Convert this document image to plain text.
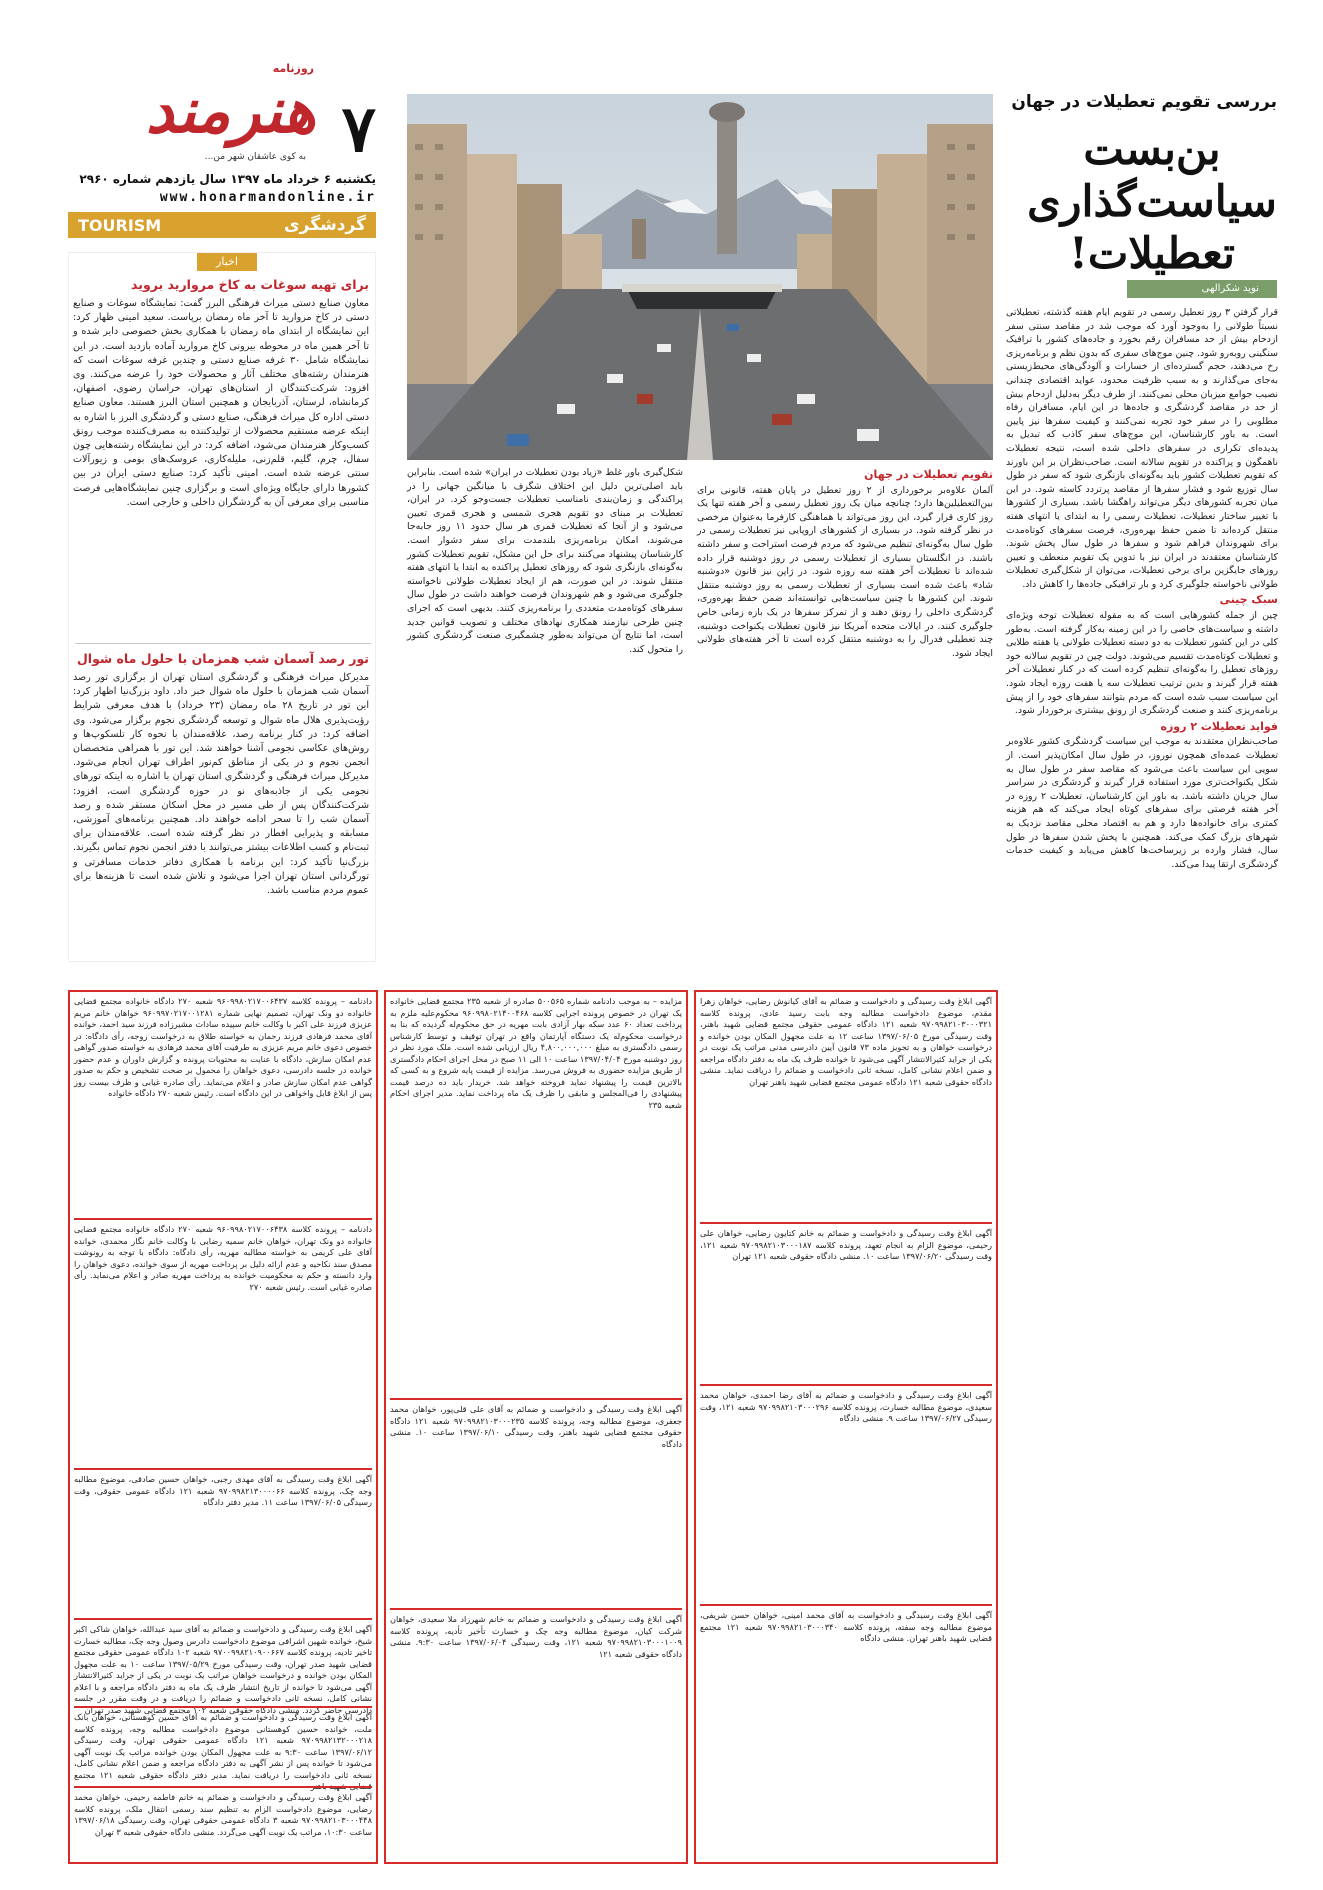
روزنامه
هنرمند
...به کوی عاشقان شهر من ۷
یکشنبه ۶ خرداد ماه ۱۳۹۷ سال یازدهم شماره ۲۹۶۰
www.honarmandonline.ir
TOURISM	گردشگری
اخبار
برای تهیه سوغات به کاخ مروارید بروید
معاون صنایع دستی میراث فرهنگی البرز گفت: نمایشگاه سوغات و صنایع دستی در کاخ مروارید تا آخر ماه رمضان برپاست. سعید امینی ظهار کرد: این نمایشگاه از ابتدای ماه رمضان با همکاری بخش خصوصی دایر شده و تا آخر همین ماه در محوطه بیرونی کاخ مروارید آماده بازدید است. در این نمایشگاه شامل ۳۰ غرفه صنایع دستی و چندین غرفه سوغات است که هنرمندان رشته‌های مختلف آثار و محصولات خود را عرضه می‌کنند. وی افزود: شرکت‌کنندگان از استان‌های تهران، خراسان رضوی، اصفهان، کرمانشاه، لرستان، آذربایجان و همچنین استان البرز هستند. معاون صنایع دستی اداره کل میراث فرهنگی، صنایع دستی و گردشگری البرز با اشاره به اینکه عرضه مستقیم محصولات از تولیدکننده به مصرف‌کننده موجب رونق کسب‌وکار هنرمندان می‌شود، اضافه کرد: در این نمایشگاه رشته‌هایی چون سفال، چرم، گلیم، قلم‌زنی، ملیله‌کاری، عروسک‌های بومی و زیورآلات سنتی عرضه شده است. امینی تأکید کرد: صنایع دستی ایران در بین کشورها دارای جایگاه ویژه‌ای است و برگزاری چنین نمایشگاه‌هایی فرصت مناسبی برای معرفی آن به گردشگران داخلی و خارجی است.
تور رصد آسمان شب همزمان با حلول ماه شوال
مدیرکل میراث فرهنگی و گردشگری استان تهران از برگزاری تور رصد آسمان شب همزمان با حلول ماه شوال خبر داد. داود بزرگ‌نیا اظهار کرد: این تور در تاریخ ۲۸ ماه رمضان (۲۳ خرداد) با هدف معرفی شرایط رؤیت‌پذیری هلال ماه شوال و توسعه گردشگری نجوم برگزار می‌شود. وی اضافه کرد: در کنار برنامه رصد، علاقه‌مندان با نحوه کار تلسکوپ‌ها و روش‌های عکاسی نجومی آشنا خواهند شد. این تور با همراهی متخصصان انجمن نجوم و در یکی از مناطق کم‌نور اطراف تهران انجام می‌شود. مدیرکل میراث فرهنگی و گردشگری استان تهران با اشاره به اینکه تورهای نجومی یکی از جاذبه‌های نو در حوزه گردشگری است، افزود: شرکت‌کنندگان پس از طی مسیر در محل اسکان مستقر شده و رصد آسمان شب را تا سحر ادامه خواهند داد. همچنین برنامه‌های آموزشی، مسابقه و پذیرایی افطار در نظر گرفته شده است. علاقه‌مندان برای ثبت‌نام و کسب اطلاعات بیشتر می‌توانند با دفتر انجمن نجوم تماس بگیرند. بزرگ‌نیا تأکید کرد: این برنامه با همکاری دفاتر خدمات مسافرتی و تورگردانی استان تهران اجرا می‌شود و تلاش شده است تا هزینه‌ها برای عموم مردم مناسب باشد.
بررسی تقویم تعطیلات در جهان
بن‌بست سیاست‌گذاری تعطیلات!
نوید شکرالهی
قرار گرفتن ۳ روز تعطیل رسمی در تقویم ایام هفته گذشته، تعطیلاتی نسبتاً طولانی را به‌وجود آورد که موجب شد در مقاصد سنتی سفر ازدحام بیش از حد مسافران رقم بخورد و جاده‌های کشور با ترافیک سنگینی روبه‌رو شود. چنین موج‌های سفری که بدون نظم و برنامه‌ریزی رخ می‌دهند، حجم گسترده‌ای از خسارات و آلودگی‌های محیط‌زیستی به‌جای می‌گذارند و به سبب ظرفیت محدود، عواید اقتصادی چندانی نصیب جوامع میزبان محلی نمی‌کنند. از طرف دیگر به‌دلیل ازدحام بیش از حد در مقاصد گردشگری و جاده‌ها در این ایام، مسافران رفاه مطلوبی را در سفر خود تجربه نمی‌کنند و کیفیت سفرها نیز پایین است. به باور کارشناسان، این موج‌های سفر کاذب که تبدیل به پدیده‌ای تکراری در سفرهای داخلی شده است، نتیجه تعطیلات ناهمگون و پراکنده در تقویم سالانه است. صاحب‌نظران بر این باورند که تقویم تعطیلات کشور باید به‌گونه‌ای بازنگری شود که سفر در طول سال توزیع شود و فشار سفرها از مقاصد پرتردد کاسته شود. در این میان تجربه کشورهای دیگر می‌تواند راهگشا باشد. بسیاری از کشورها با تغییر ساختار تعطیلات، تعطیلات رسمی را به ابتدای یا انتهای هفته منتقل کرده‌اند تا ضمن حفظ بهره‌وری، فرصت سفرهای کوتاه‌مدت برای شهروندان فراهم شود و سفرها در طول سال پخش شوند. کارشناسان معتقدند در ایران نیز با تدوین یک تقویم منعطف و تعیین روزهای جایگزین برای برخی تعطیلات، می‌توان از شکل‌گیری تعطیلات طولانی ناخواسته جلوگیری کرد و بار ترافیکی جاده‌ها را کاهش داد.
سبک چینی
چین از جمله کشورهایی است که به مقوله تعطیلات توجه ویژه‌ای داشته و سیاست‌های خاصی را در این زمینه به‌کار گرفته است. به‌طور کلی در این کشور تعطیلات به دو دسته تعطیلات طولانی یا هفته طلایی و تعطیلات کوتاه‌مدت تقسیم می‌شوند. دولت چین در تقویم سالانه خود روزهای تعطیل را به‌گونه‌ای تنظیم کرده است که در کنار تعطیلات آخر هفته قرار گیرند و بدین ترتیب تعطیلات سه یا هفت روزه ایجاد شود. این سیاست سبب شده است که مردم بتوانند سفرهای خود را از پیش برنامه‌ریزی کنند و صنعت گردشگری از رونق بیشتری برخوردار شود.
فواید تعطیلات ۲ روزه
صاحب‌نظران معتقدند به موجب این سیاست گردشگری کشور علاوه‌بر تعطیلات عمده‌ای همچون نوروز، در طول سال امکان‌پذیر است. از سویی این سیاست باعث می‌شود که مقاصد سفر در طول سال به شکل یکنواخت‌تری مورد استفاده قرار گیرند و گردشگری در سراسر سال جریان داشته باشد. به باور این کارشناسان، تعطیلات ۲ روزه در آخر هفته فرصتی برای سفرهای کوتاه ایجاد می‌کند که هم هزینه کمتری برای خانواده‌ها دارد و هم به اقتصاد محلی مقاصد نزدیک به شهرهای بزرگ کمک می‌کند. همچنین با پخش شدن سفرها در طول سال، فشار وارده بر زیرساخت‌ها کاهش می‌یابد و کیفیت خدمات گردشگری ارتقا پیدا می‌کند.
تقویم تعطیلات در جهان
آلمان علاوه‌بر برخورداری از ۲ روز تعطیل در پایان هفته، قانونی برای بین‌التعطیلین‌ها دارد؛ چنانچه میان یک روز تعطیل رسمی و آخر هفته تنها یک روز کاری قرار گیرد، این روز می‌تواند با هماهنگی کارفرما به‌عنوان مرخصی در نظر گرفته شود. در بسیاری از کشورهای اروپایی نیز تعطیلات رسمی در طول سال به‌گونه‌ای تنظیم می‌شود که مردم فرصت استراحت و سفر داشته باشند. در انگلستان بسیاری از تعطیلات رسمی در روز دوشنبه قرار داده شده‌اند تا تعطیلات آخر هفته سه روزه شود. در ژاپن نیز قانون «دوشنبه شاد» باعث شده است بسیاری از تعطیلات رسمی به روز دوشنبه منتقل شوند. این کشورها با چنین سیاست‌هایی توانسته‌اند ضمن حفظ بهره‌وری، گردشگری داخلی را رونق دهند و از تمرکز سفرها در یک بازه زمانی خاص جلوگیری کنند. در ایالات متحده آمریکا نیز قانون تعطیلات یکنواخت دوشنبه، چند تعطیلی فدرال را به دوشنبه منتقل کرده است تا آخر هفته‌های طولانی ایجاد شود.
شکل‌گیری باور غلط «زیاد بودن تعطیلات در ایران» شده است. بنابراین باید اصلی‌ترین دلیل این اختلاف شگرف با میانگین جهانی را در پراکندگی و زمان‌بندی نامناسب تعطیلات جست‌وجو کرد. در ایران، تعطیلات بر مبنای دو تقویم هجری شمسی و هجری قمری تعیین می‌شود و از آنجا که تعطیلات قمری هر سال حدود ۱۱ روز جابه‌جا می‌شوند، امکان برنامه‌ریزی بلندمدت برای سفر دشوار است. کارشناسان پیشنهاد می‌کنند برای حل این مشکل، تقویم تعطیلات کشور به‌گونه‌ای بازنگری شود که روزهای تعطیل پراکنده به ابتدا یا انتهای هفته منتقل شوند. در این صورت، هم از ایجاد تعطیلات طولانی ناخواسته جلوگیری می‌شود و هم شهروندان فرصت خواهند داشت در طول سال سفرهای کوتاه‌مدت متعددی را برنامه‌ریزی کنند. بدیهی است که اجرای چنین طرحی نیازمند همکاری نهادهای مختلف و تصویب قوانین جدید است، اما نتایج آن می‌تواند به‌طور چشمگیری صنعت گردشگری کشور را متحول کند.
آگهی ابلاغ وقت رسیدگی و دادخواست و ضمائم به آقای کیانوش رضایی، خواهان زهرا مقدم، موضوع دادخواست مطالبه وجه بابت رسید عادی، پرونده کلاسه ۹۷۰۹۹۸۲۱۰۳۰۰۰۳۲۱ شعبه ۱۲۱ دادگاه عمومی حقوقی مجتمع قضایی شهید باهنر، وقت رسیدگی مورخ ۱۳۹۷/۰۶/۰۵ ساعت ۱۲ به علت مجهول المکان بودن خوانده و درخواست خواهان و به تجویز ماده ۷۳ قانون آیین دادرسی مدنی مراتب یک نوبت در یکی از جراید کثیرالانتشار آگهی می‌شود تا خوانده ظرف یک ماه به دفتر دادگاه مراجعه و ضمن اعلام نشانی کامل، نسخه ثانی دادخواست و ضمائم را دریافت نماید. منشی دادگاه حقوقی شعبه ۱۲۱ دادگاه عمومی مجتمع قضایی شهید باهنر تهران
آگهی ابلاغ وقت رسیدگی و دادخواست و ضمائم به خانم کتایون رضایی، خواهان علی رحیمی، موضوع الزام به انجام تعهد، پرونده کلاسه ۹۷۰۹۹۸۲۱۰۳۰۰۰۱۸۷ شعبه ۱۲۱، وقت رسیدگی ۱۳۹۷/۰۶/۲۰ ساعت ۱۰. منشی دادگاه حقوقی شعبه ۱۲۱ تهران
آگهی ابلاغ وقت رسیدگی و دادخواست و ضمائم به آقای رضا احمدی، خواهان محمد سعیدی، موضوع مطالبه خسارت، پرونده کلاسه ۹۷۰۹۹۸۲۱۰۳۰۰۰۲۹۶ شعبه ۱۲۱، وقت رسیدگی ۱۳۹۷/۰۶/۲۷ ساعت ۹. منشی دادگاه
آگهی ابلاغ وقت رسیدگی و دادخواست به آقای محمد امینی، خواهان حسن شریفی، موضوع مطالبه وجه سفته، پرونده کلاسه ۹۷۰۹۹۸۲۱۰۳۰۰۰۳۴۰ شعبه ۱۲۱ مجتمع قضایی شهید باهنر تهران. منشی دادگاه
مزایده – به موجب دادنامه شماره ۵۰۰۵۶۵ صادره از شعبه ۲۳۵ مجتمع قضایی خانواده یک تهران در خصوص پرونده اجرایی کلاسه ۹۶۰۹۹۸۰۲۱۴۰۰۴۶۸ محکوم‌علیه ملزم به پرداخت تعداد ۶۰ عدد سکه بهار آزادی بابت مهریه در حق محکوم‌له گردیده که بنا به درخواست محکوم‌له یک دستگاه آپارتمان واقع در تهران توقیف و توسط کارشناس رسمی دادگستری به مبلغ ۴,۸۰۰,۰۰۰,۰۰۰ ریال ارزیابی شده است. ملک مورد نظر در روز دوشنبه مورخ ۱۳۹۷/۰۴/۰۴ ساعت ۱۰ الی ۱۱ صبح در محل اجرای احکام دادگستری از طریق مزایده حضوری به فروش می‌رسد. مزایده از قیمت پایه شروع و به کسی که بالاترین قیمت را پیشنهاد نماید فروخته خواهد شد. خریدار باید ده درصد قیمت پیشنهادی را فی‌المجلس و مابقی را ظرف یک ماه پرداخت نماید. مدیر اجرای احکام شعبه ۲۳۵
آگهی ابلاغ وقت رسیدگی و دادخواست و ضمائم به آقای علی قلی‌پور، خواهان محمد جعفری، موضوع مطالبه وجه، پرونده کلاسه ۹۷۰۹۹۸۲۱۰۳۰۰۰۲۳۵ شعبه ۱۲۱ دادگاه حقوقی مجتمع قضایی شهید باهنر، وقت رسیدگی ۱۳۹۷/۰۶/۱۰ ساعت ۱۰. منشی دادگاه
آگهی ابلاغ وقت رسیدگی و دادخواست و ضمائم به خانم شهرزاد ملا سعیدی، خواهان شرکت کیان، موضوع مطالبه وجه چک و خسارت تأخیر تأدیه، پرونده کلاسه ۹۷۰۹۹۸۲۱۰۳۰۰۰۱۰۰۹ شعبه ۱۲۱، وقت رسیدگی ۱۳۹۷/۰۶/۰۴ ساعت ۹:۳۰. منشی دادگاه حقوقی شعبه ۱۲۱
دادنامه – پرونده کلاسه ۹۶۰۹۹۸۰۲۱۷۰۰۶۴۳۷ شعبه ۲۷۰ دادگاه خانواده مجتمع قضایی خانواده دو ونک تهران، تصمیم نهایی شماره ۹۶۰۹۹۷۰۲۱۷۰۰۱۲۸۱ خواهان خانم مریم عزیزی فرزند علی اکبر با وکالت خانم سپیده سادات مشیرزاده فرزند سید احمد، خوانده آقای محمد فرهادی فرزند رحمان به خواسته طلاق به درخواست زوجه، رأی دادگاه: در خصوص دعوی خانم مریم عزیزی به طرفیت آقای محمد فرهادی به خواسته صدور گواهی عدم امکان سازش، دادگاه با عنایت به محتویات پرونده و گزارش داوران و عدم حضور خوانده در جلسه دادرسی، دعوی خواهان را محمول بر صحت تشخیص و حکم به صدور گواهی عدم امکان سازش صادر و اعلام می‌نماید. رأی صادره غیابی و ظرف بیست روز پس از ابلاغ قابل واخواهی در این دادگاه است. رئیس شعبه ۲۷۰ دادگاه خانواده
دادنامه – پرونده کلاسه ۹۶۰۹۹۸۰۲۱۷۰۰۶۴۳۸ شعبه ۲۷۰ دادگاه خانواده مجتمع قضایی خانواده دو ونک تهران، خواهان خانم سمیه رضایی با وکالت خانم نگار محمدی، خوانده آقای علی کریمی به خواسته مطالبه مهریه، رأی دادگاه: دادگاه با توجه به رونوشت مصدق سند نکاحیه و عدم ارائه دلیل بر پرداخت مهریه از سوی خوانده، دعوی خواهان را وارد دانسته و حکم به محکومیت خوانده به پرداخت مهریه صادر و اعلام می‌نماید. رأی صادره غیابی است. رئیس شعبه ۲۷۰
آگهی ابلاغ وقت رسیدگی به آقای مهدی رجبی، خواهان حسین صادقی، موضوع مطالبه وجه چک، پرونده کلاسه ۹۷۰۹۹۸۲۱۳۰۰۰۰۶۶ شعبه ۱۲۱ دادگاه عمومی حقوقی، وقت رسیدگی ۱۳۹۷/۰۶/۰۵ ساعت ۱۱. مدیر دفتر دادگاه
آگهی ابلاغ وقت رسیدگی و دادخواست و ضمائم به آقای سید عبدالله، خواهان شاکی اکبر شیخ، خوانده شهین اشرافی موضوع دادخواست دادرس وصول وجه چک، مطالبه خسارت تاخیر تادیه، پرونده کلاسه ۹۷۰۰۹۹۸۲۱۰۹۰۰۶۶۷ شعبه ۱۰۲ دادگاه عمومی حقوقی مجتمع قضایی شهید صدر تهران، وقت رسیدگی مورخ ۱۳۹۷/۰۵/۲۹ ساعت ۱۰ به علت مجهول المکان بودن خوانده و درخواست خواهان مراتب یک نوبت در یکی از جراید کثیرالانتشار آگهی می‌شود تا خوانده از تاریخ انتشار ظرف یک ماه به دفتر دادگاه مراجعه و با اعلام نشانی کامل، نسخه ثانی دادخواست و ضمائم را دریافت و در وقت مقرر در جلسه دادرسی حاضر گردد. منشی دادگاه حقوقی شعبه ۱۰۲ مجتمع قضایی شهید صدر تهران
آگهی ابلاغ وقت رسیدگی و دادخواست و ضمائم به آقای حسین کوهستانی، خواهان بانک ملت، خوانده حسین کوهستانی موضوع دادخواست مطالبه وجه، پرونده کلاسه ۹۷۰۹۹۸۲۱۳۲۰۰۰۲۱۸ شعبه ۱۲۱ دادگاه عمومی حقوقی تهران، وقت رسیدگی ۱۳۹۷/۰۶/۱۲ ساعت ۹:۳۰ به علت مجهول المکان بودن خوانده مراتب یک نوبت آگهی می‌شود تا خوانده پس از نشر آگهی به دفتر دادگاه مراجعه و ضمن اعلام نشانی کامل، نسخه ثانی دادخواست را دریافت نماید. مدیر دفتر دادگاه حقوقی شعبه ۱۲۱ مجتمع قضایی شهید باهنر
آگهی ابلاغ وقت رسیدگی و دادخواست و ضمائم به خانم فاطمه رحیمی، خواهان محمد رضایی، موضوع دادخواست الزام به تنظیم سند رسمی انتقال ملک، پرونده کلاسه ۹۷۰۹۹۸۲۱۰۳۰۰۰۴۴۸ شعبه ۳ دادگاه عمومی حقوقی تهران، وقت رسیدگی ۱۳۹۷/۰۶/۱۸ ساعت ۱۰:۳۰، مراتب یک نوبت آگهی می‌گردد. منشی دادگاه حقوقی شعبه ۳ تهران
